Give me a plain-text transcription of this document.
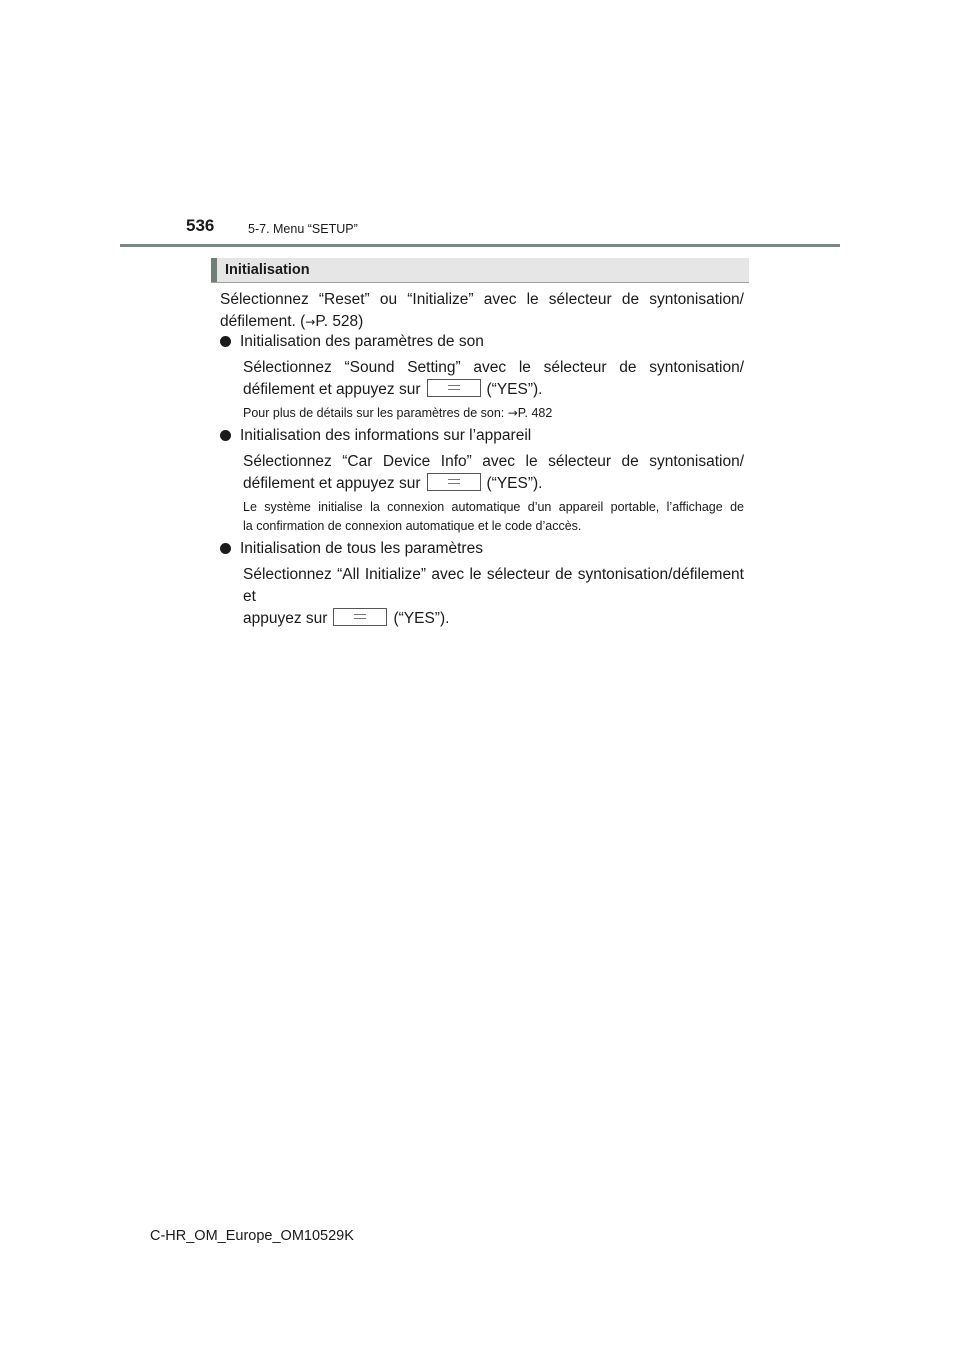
536	5-7. Menu “SETUP”
Initialisation
Sélectionnez “Reset” ou “Initialize” avec le sélecteur de syntonisation/
défilement. (→P. 528)
Initialisation des paramètres de son
Sélectionnez “Sound Setting” avec le sélecteur de syntonisation/
défilement et appuyez sur	(“YES”).
Pour plus de détails sur les paramètres de son: →P. 482
Initialisation des informations sur l’appareil
Sélectionnez “Car Device Info” avec le sélecteur de syntonisation/
défilement et appuyez sur	(“YES”).
Le système initialise la connexion automatique d’un appareil portable, l’affichage de
la confirmation de connexion automatique et le code d’accès.
Initialisation de tous les paramètres
Sélectionnez “All Initialize” avec le sélecteur de syntonisation/défilement et
appuyez sur	(“YES”).
C-HR_OM_Europe_OM10529K
